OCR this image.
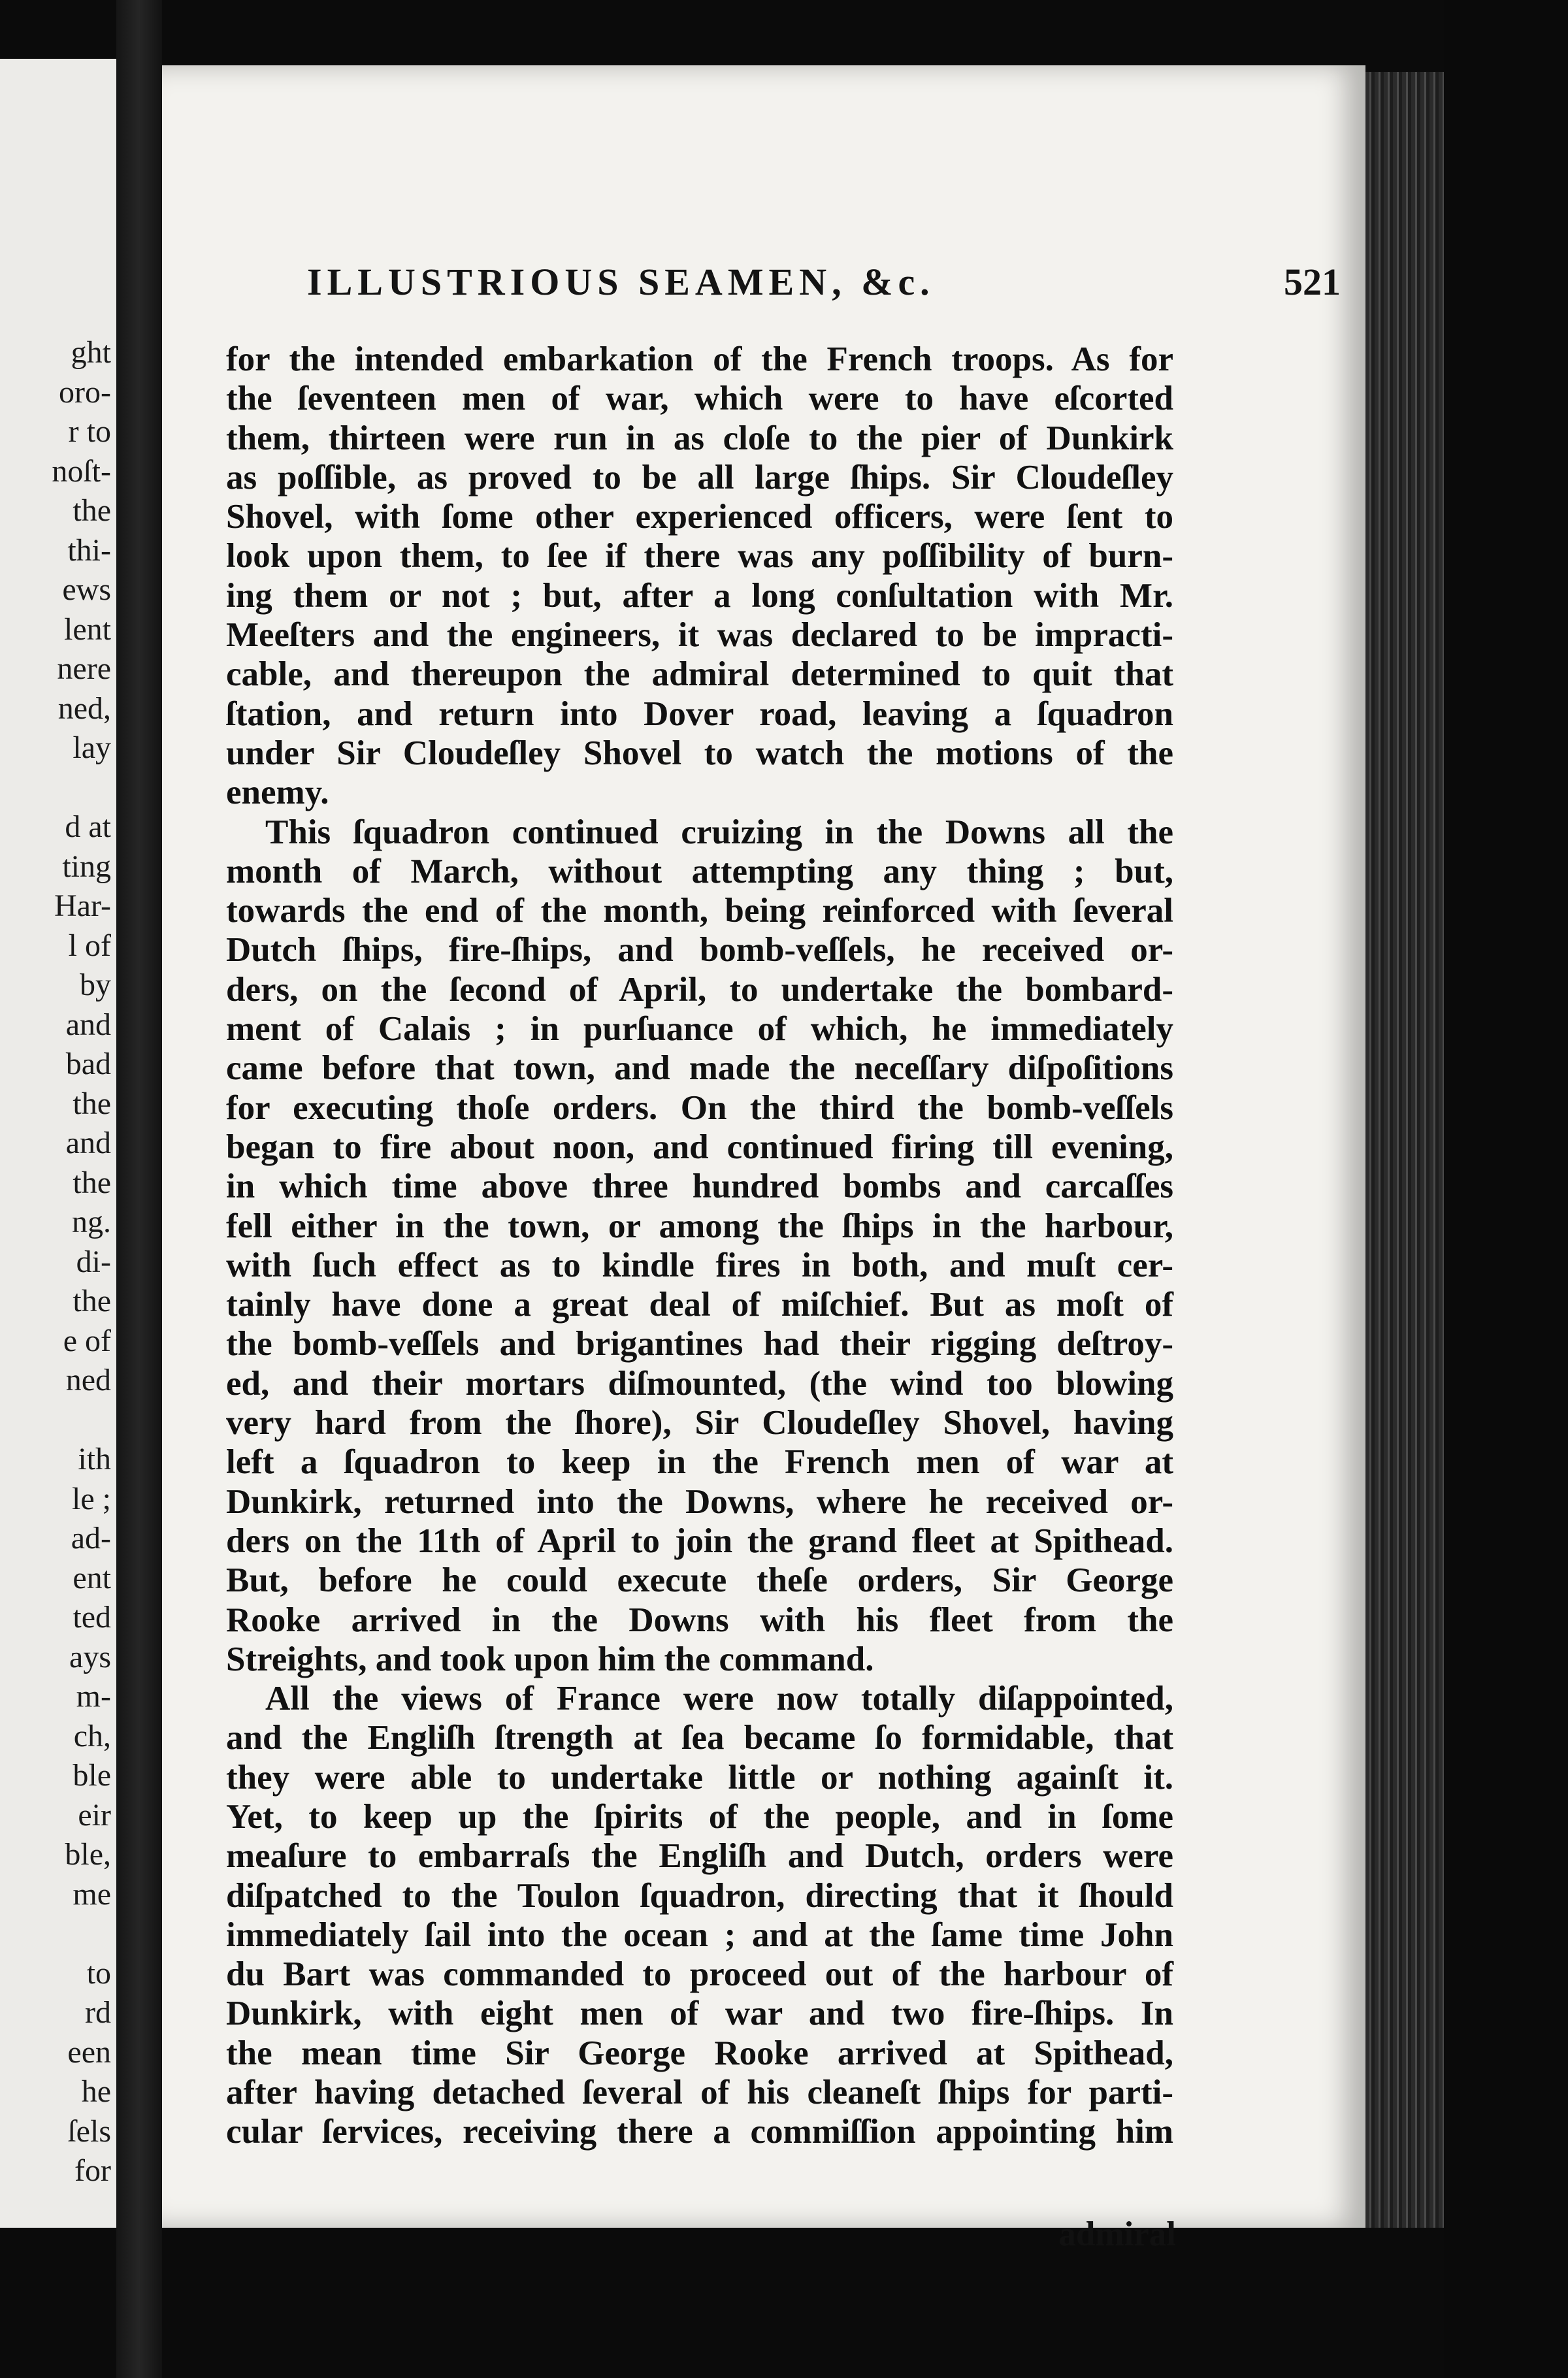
ght
oro-
r to
noſt-
the
thi-
ews
lent
nere
ned,
lay

d at
ting
Har-
l of
by
and
bad
the
and
the
ng.
di-
the
e of
ned

ith
le ;
ad-
ent
ted
ays
m-
ch,
ble
eir
ble,
me

to
rd
een
he
ſels
for
ILLUSTRIOUS SEAMEN, &c.	521
for the intended embarkation of the French troops. As for
the ſeventeen men of war, which were to have eſcorted
them, thirteen were run in as cloſe to the pier of Dunkirk
as poſſible, as proved to be all large ſhips. Sir Cloudeſley
Shovel, with ſome other experienced officers, were ſent to
look upon them, to ſee if there was any poſſibility of burn-
ing them or not ; but, after a long conſultation with Mr.
Meeſters and the engineers, it was declared to be impracti-
cable, and thereupon the admiral determined to quit that
ſtation, and return into Dover road, leaving a ſquadron
under Sir Cloudeſley Shovel to watch the motions of the
enemy.
This ſquadron continued cruizing in the Downs all the
month of March, without attempting any thing ; but,
towards the end of the month, being reinforced with ſeveral
Dutch ſhips, fire-ſhips, and bomb-veſſels, he received or-
ders, on the ſecond of April, to undertake the bombard-
ment of Calais ; in purſuance of which, he immediately
came before that town, and made the neceſſary diſpoſitions
for executing thoſe orders. On the third the bomb-veſſels
began to fire about noon, and continued firing till evening,
in which time above three hundred bombs and carcaſſes
fell either in the town, or among the ſhips in the harbour,
with ſuch effect as to kindle fires in both, and muſt cer-
tainly have done a great deal of miſchief. But as moſt of
the bomb-veſſels and brigantines had their rigging deſtroy-
ed, and their mortars diſmounted, (the wind too blowing
very hard from the ſhore), Sir Cloudeſley Shovel, having
left a ſquadron to keep in the French men of war at
Dunkirk, returned into the Downs, where he received or-
ders on the 11th of April to join the grand fleet at Spithead.
But, before he could execute theſe orders, Sir George
Rooke arrived in the Downs with his fleet from the
Streights, and took upon him the command.
All the views of France were now totally diſappointed,
and the Engliſh ſtrength at ſea became ſo formidable, that
they were able to undertake little or nothing againſt it.
Yet, to keep up the ſpirits of the people, and in ſome
meaſure to embarraſs the Engliſh and Dutch, orders were
diſpatched to the Toulon ſquadron, directing that it ſhould
immediately ſail into the ocean ; and at the ſame time John
du Bart was commanded to proceed out of the harbour of
Dunkirk, with eight men of war and two fire-ſhips. In
the mean time Sir George Rooke arrived at Spithead,
after having detached ſeveral of his cleaneſt ſhips for parti-
cular ſervices, receiving there a commiſſion appointing him
admiral
